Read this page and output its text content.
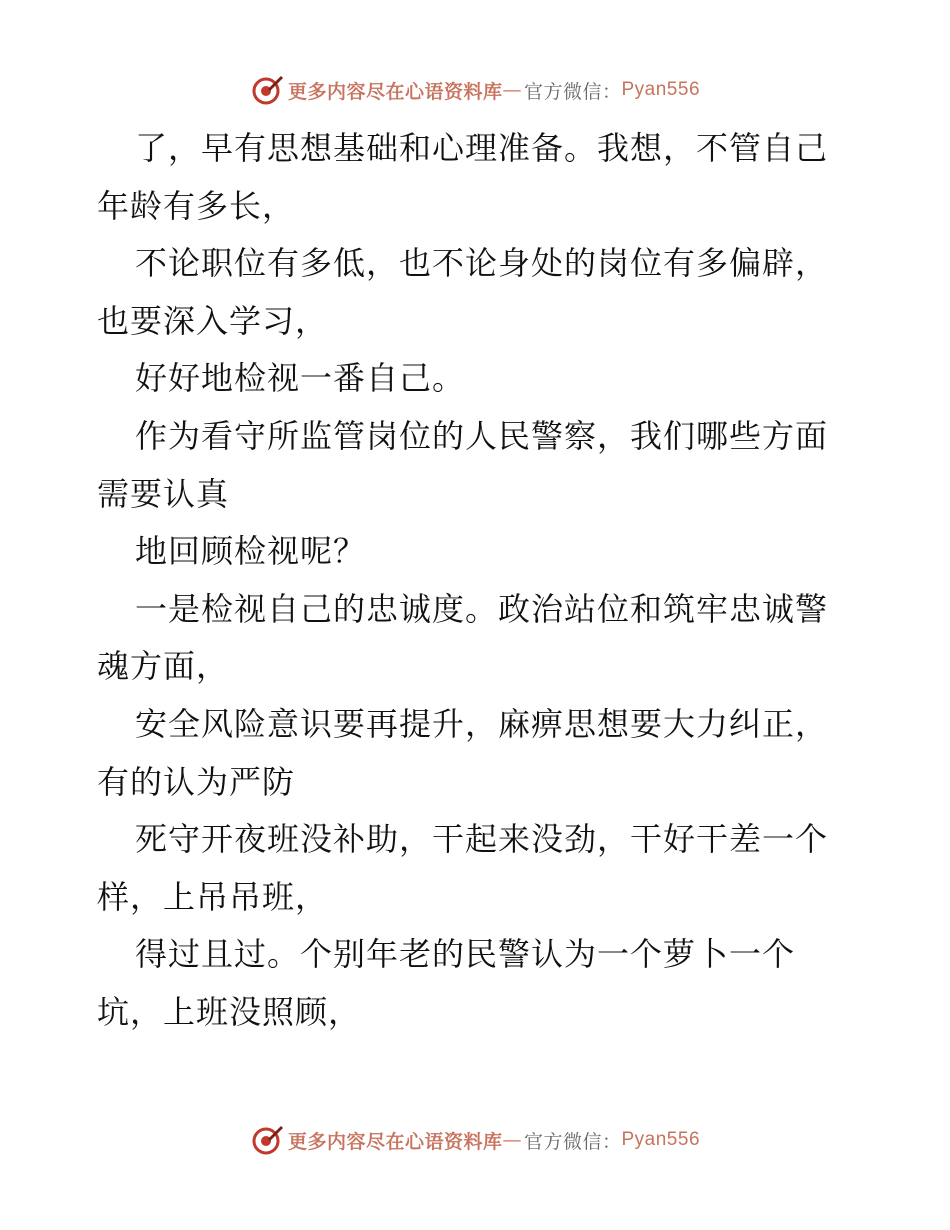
更多内容尽在心语资料库 — 官方微信： Pyan556
了，早有思想基础和心理准备。我想，不管自己
年龄有多长，
不论职位有多低，也不论身处的岗位有多偏辟，
也要深入学习，
好好地检视一番自己。
作为看守所监管岗位的人民警察，我们哪些方面
需要认真
地回顾检视呢？
一是检视自己的忠诚度。政治站位和筑牢忠诚警
魂方面，
安全风险意识要再提升，麻痹思想要大力纠正，
有的认为严防
死守开夜班没补助，干起来没劲，干好干差一个
样，上吊吊班，
得过且过。个别年老的民警认为一个萝卜一个
坑，上班没照顾，
更多内容尽在心语资料库 — 官方微信： Pyan556
